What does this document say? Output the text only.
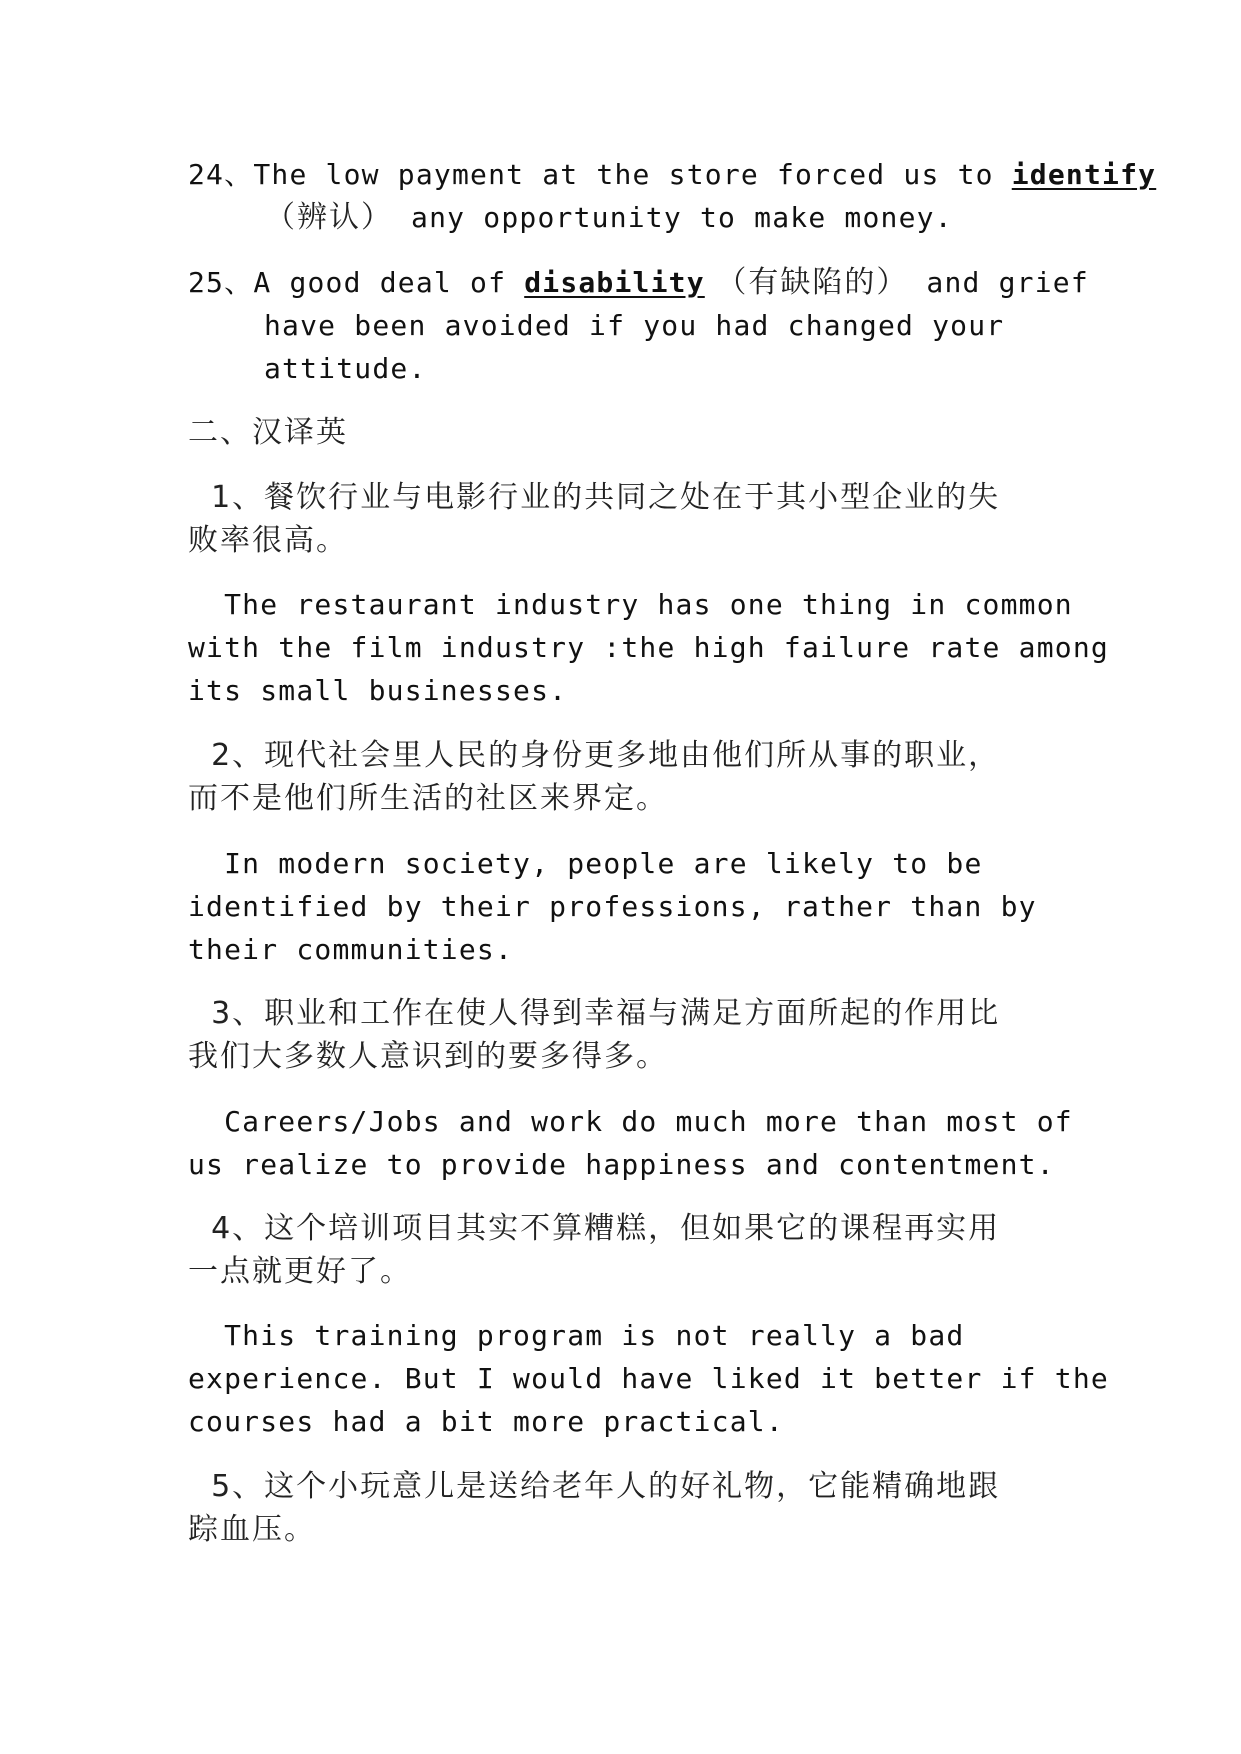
24、The low payment at the store forced us to identify
（辨认） any opportunity to make money.
25、A good deal of disability （有缺陷的） and grief
have been avoided if you had changed your
attitude.
二、汉译英
1、餐饮行业与电影行业的共同之处在于其小型企业的失
败率很高。
The restaurant industry has one thing in common
with the film industry :the high failure rate among
its small businesses.
2、现代社会里人民的身份更多地由他们所从事的职业，
而不是他们所生活的社区来界定。
In modern society, people are likely to be
identified by their professions, rather than by
their communities.
3、职业和工作在使人得到幸福与满足方面所起的作用比
我们大多数人意识到的要多得多。
Careers/Jobs and work do much more than most of
us realize to provide happiness and contentment.
4、这个培训项目其实不算糟糕，但如果它的课程再实用
一点就更好了。
This training program is not really a bad
experience. But I would have liked it better if the
courses had a bit more practical.
5、这个小玩意儿是送给老年人的好礼物，它能精确地跟
踪血压。
